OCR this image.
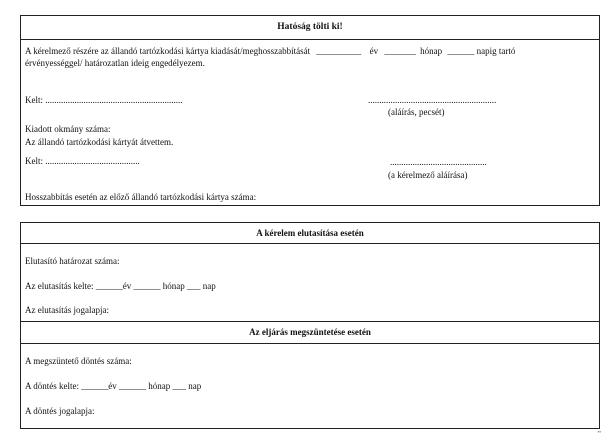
Hatóság tölti ki!
A kérelmező részére az állandó tartózkodási kártya kiadását/meghosszabbítását __________ év _______ hónap ______ napig tartó
érvényességgel/ határozatlan ideig engedélyezem.
Kelt: .............................................................	.........................................................
(aláírás, pecsét)
Kiadott okmány száma:
Az állandó tartózkodási kártyát átvettem.
Kelt: ..........................................	...........................................
(a kérelmező aláírása)
Hosszabbítás esetén az előző állandó tartózkodási kártya száma:
A kérelem elutasítása esetén
Elutasító határozat száma:
Az elutasítás kelte: ______év ______ hónap ___ nap
Az elutasítás jogalapja:
Az eljárás megszüntetése esetén
A megszüntető döntés száma:
A döntés kelte: ______év ______ hónap ___ nap
A döntés jogalapja:
"
